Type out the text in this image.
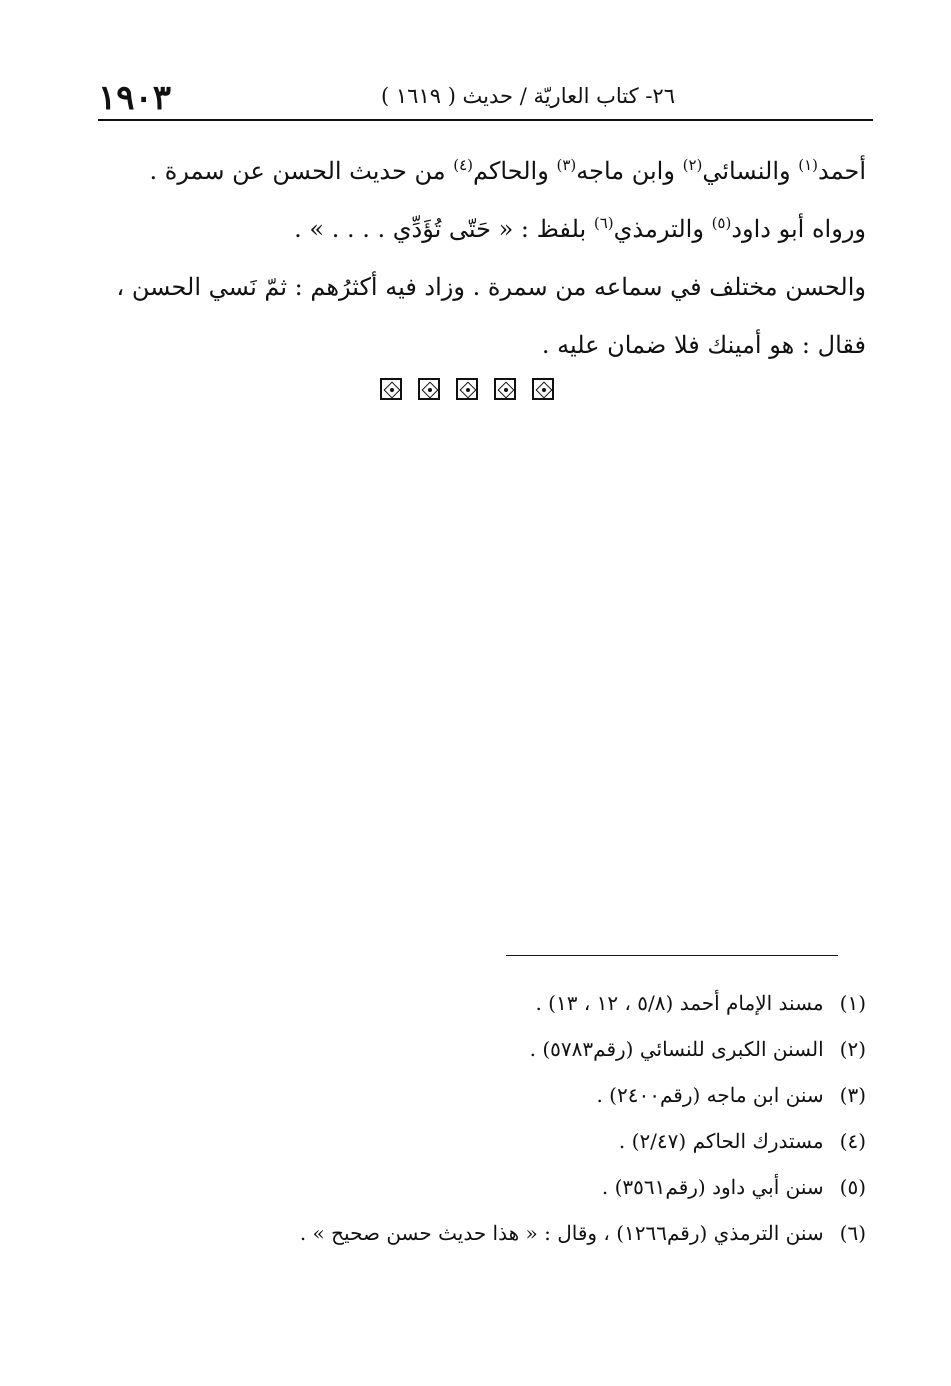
١٩٠٣	٢٦- كتاب العاريّة / حديث ( ١٦١٩ )

أحمد$^{(١)}$ والنسائي$^{(٢)}$ وابن ماجه$^{(٣)}$ والحاكم$^{(٤)}$ من حديث الحسن عن سمرة .

ورواه أبو داود$^{(٥)}$ والترمذي$^{(٦)}$ بلفظ : « حَتّى تُؤَدِّي . . . . » .

والحسن مختلف في سماعه من سمرة . وزاد فيه أكثرُهم : ثمّ نَسي الحسن ،

فقال : هو أمينك فلا ضمان عليه .

(١) مسند الإمام أحمد (٥/٨ ، ١٢ ، ١٣) .

(٢) السنن الكبرى للنسائي (رقم٥٧٨٣) .

(٣) سنن ابن ماجه (رقم٢٤٠٠) .

(٤) مستدرك الحاكم (٢/٤٧) .

(٥) سنن أبي داود (رقم٣٥٦١) .

(٦) سنن الترمذي (رقم١٢٦٦) ، وقال : « هذا حديث حسن صحيح » .
